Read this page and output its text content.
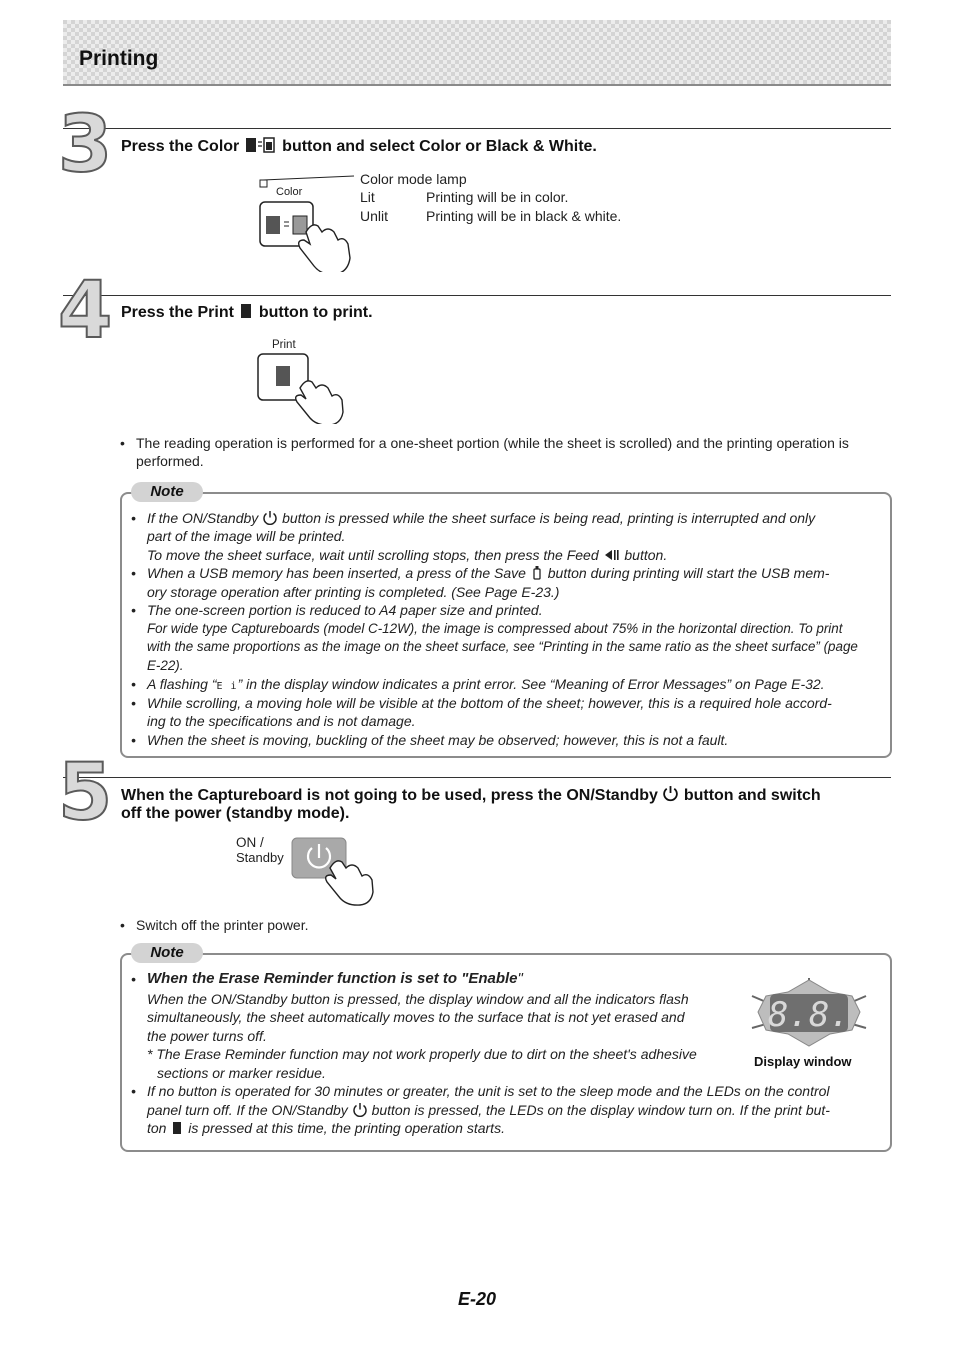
Printing
3 Press the Color	button and select Color or Black & White.
Color
Color mode lamp
Lit	Printing will be in color.
Unlit	Printing will be in black & white.
4 Press the Print button to print.
Print
• The reading operation is performed for a one-sheet portion (while the sheet is scrolled) and the printing operation is
performed.
Note
• If the ON/Standby button is pressed while the sheet surface is being read, printing is interrupted and only
part of the image will be printed.
To move the sheet surface, wait until scrolling stops, then press the Feed button.
• When a USB memory has been inserted, a press of the Save button during printing will start the USB mem-
ory storage operation after printing is completed. (See Page E-23.)
• The one-screen portion is reduced to A4 paper size and printed.
For wide type Captureboards (model C-12W), the image is compressed about 75% in the horizontal direction. To print
with the same proportions as the image on the sheet surface, see “Printing in the same ratio as the sheet surface” (page
E-22).
• A flashing “E i” in the display window indicates a print error. See “Meaning of Error Messages” on Page E-32.
• While scrolling, a moving hole will be visible at the bottom of the sheet; however, this is a required hole accord-
ing to the specifications and is not damage.
• When the sheet is moving, buckling of the sheet may be observed; however, this is not a fault.
5 When the Captureboard is not going to be used, press the ON/Standby button and switch
off the power (standby mode).
ON /
Standby
• Switch off the printer power.
Note
• When the Erase Reminder function is set to "Enable"
When the ON/Standby button is pressed, the display window and all the indicators flash
simultaneously, the sheet automatically moves to the surface that is not yet erased and
the power turns off.
* The Erase Reminder function may not work properly due to dirt on the sheet's adhesive
sections or marker residue.
8.8.
Display window
• If no button is operated for 30 minutes or greater, the unit is set to the sleep mode and the LEDs on the control
panel turn off. If the ON/Standby button is pressed, the LEDs on the display window turn on. If the print but-
ton is pressed at this time, the printing operation starts.
E-20
